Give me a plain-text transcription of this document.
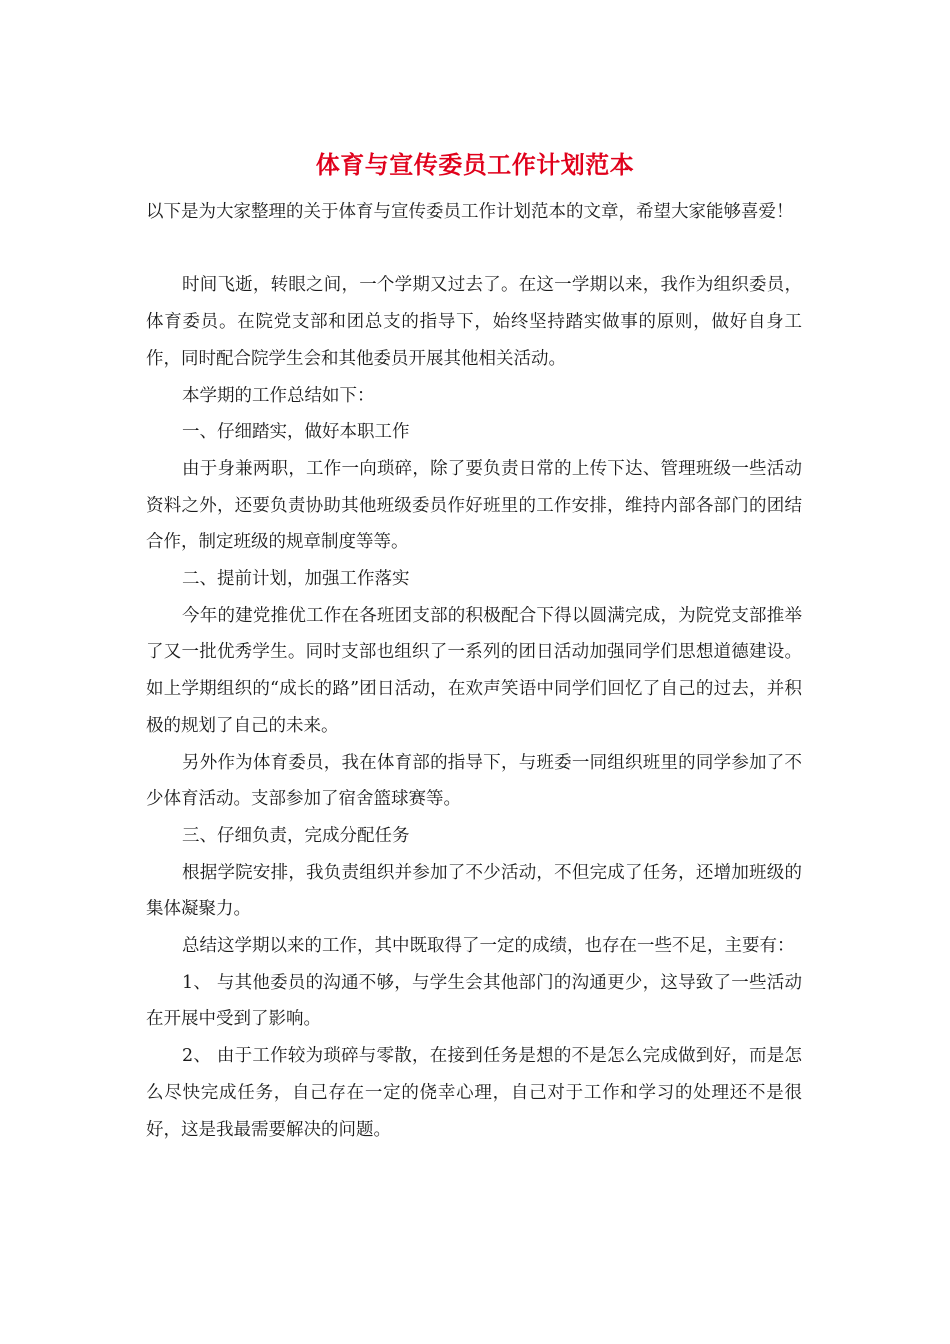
体育与宣传委员工作计划范本

以下是为大家整理的关于体育与宣传委员工作计划范本的文章，希望大家能够喜爱！

时间飞逝，转眼之间，一个学期又过去了。在这一学期以来，我作为组织委员，体育委员。在院党支部和团总支的指导下，始终坚持踏实做事的原则，做好自身工作，同时配合院学生会和其他委员开展其他相关活动。

本学期的工作总结如下：

一、仔细踏实，做好本职工作

由于身兼两职，工作一向琐碎，除了要负责日常的上传下达、管理班级一些活动资料之外，还要负责协助其他班级委员作好班里的工作安排，维持内部各部门的团结合作，制定班级的规章制度等等。

二、提前计划，加强工作落实

今年的建党推优工作在各班团支部的积极配合下得以圆满完成，为院党支部推举了又一批优秀学生。同时支部也组织了一系列的团日活动加强同学们思想道德建设。如上学期组织的“成长的路”团日活动，在欢声笑语中同学们回忆了自己的过去，并积极的规划了自己的未来。

另外作为体育委员，我在体育部的指导下，与班委一同组织班里的同学参加了不少体育活动。支部参加了宿舍篮球赛等。

三、仔细负责，完成分配任务

根据学院安排，我负责组织并参加了不少活动，不但完成了任务，还增加班级的集体凝聚力。

总结这学期以来的工作，其中既取得了一定的成绩，也存在一些不足，主要有：

1、 与其他委员的沟通不够，与学生会其他部门的沟通更少，这导致了一些活动在开展中受到了影响。

2、 由于工作较为琐碎与零散，在接到任务是想的不是怎么完成做到好，而是怎么尽快完成任务，自己存在一定的侥幸心理，自己对于工作和学习的处理还不是很好，这是我最需要解决的问题。
